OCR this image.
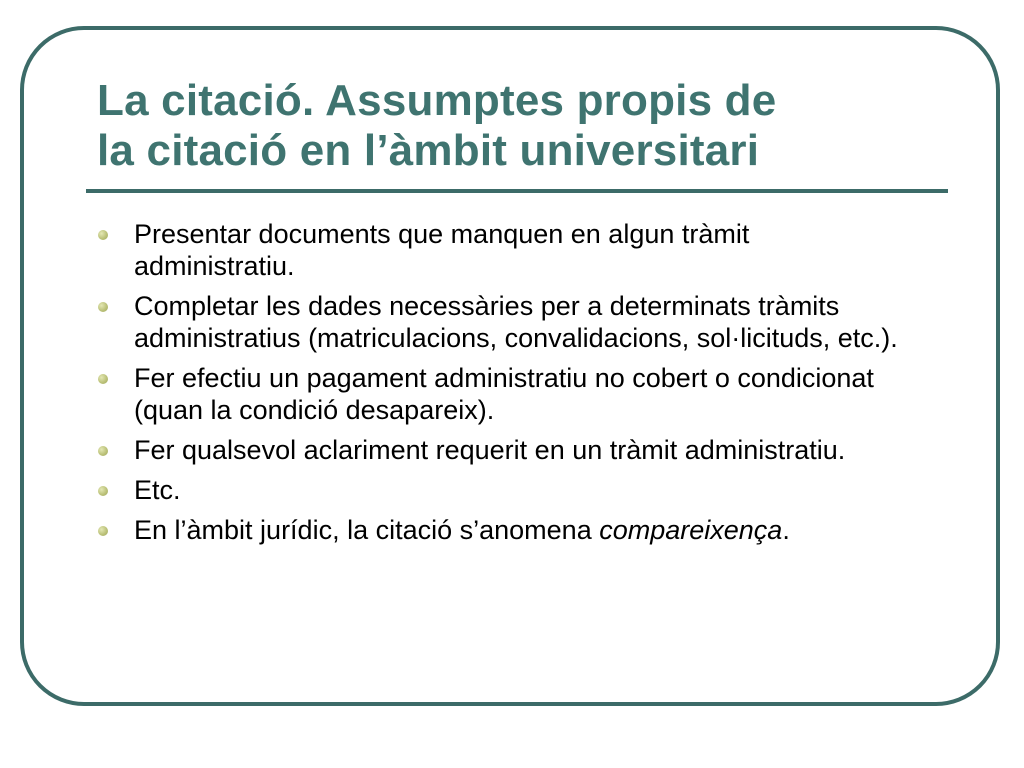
La citació. Assumptes propis de
la citació en l’àmbit universitari
Presentar documents que manquen en algun tràmit administratiu.
Completar les dades necessàries per a determinats tràmits administratius (matriculacions, convalidacions, sol·licituds, etc.).
Fer efectiu un pagament administratiu no cobert o condicionat (quan la condició desapareix).
Fer qualsevol aclariment requerit en un tràmit administratiu.
Etc.
En l’àmbit jurídic, la citació s’anomena compareixença.
